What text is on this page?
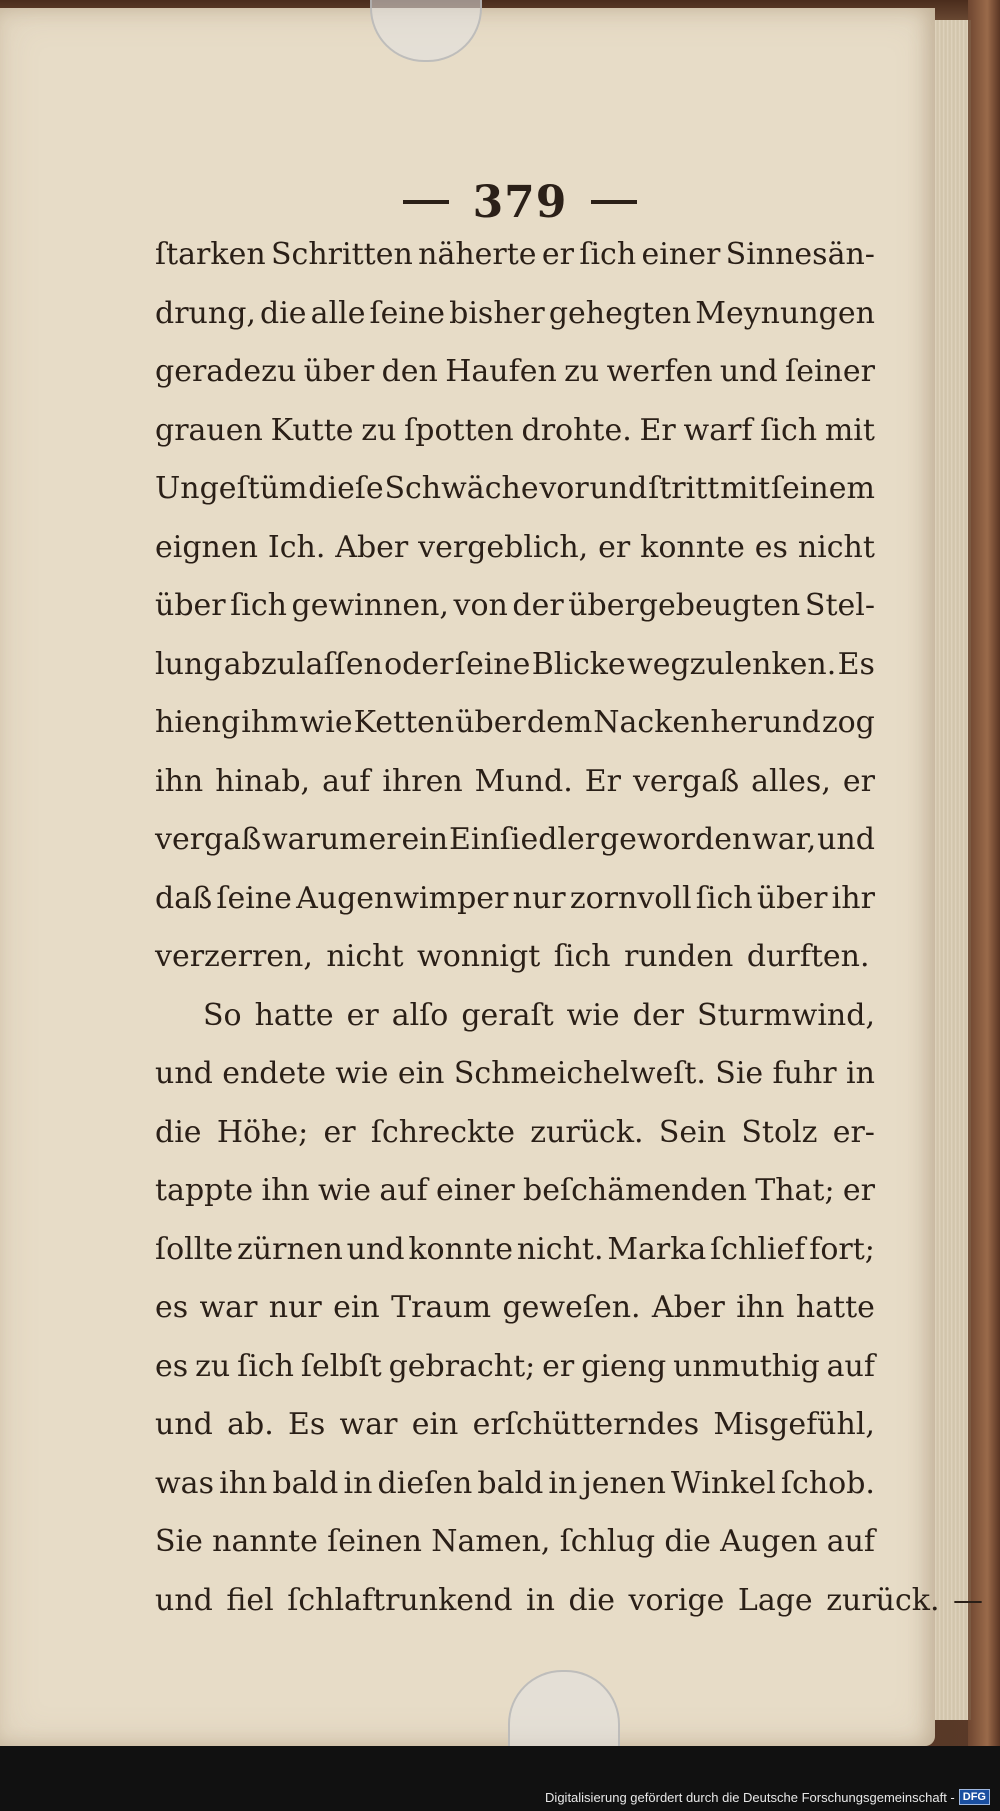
379
ſtarken Schritten näherte er ſich einer Sinnesän-
drung, die alle ſeine bisher gehegten Meynungen
geradezu über den Haufen zu werfen und ſeiner
grauen Kutte zu ſpotten drohte. Er warf ſich mit
Ungeſtüm dieſe Schwäche vor und ſtritt mit ſeinem
eignen Ich. Aber vergeblich, er konnte es nicht
über ſich gewinnen, von der übergebeugten Stel-
lung abzulaſſen oder ſeine Blicke wegzulenken. Es
hieng ihm wie Ketten über dem Nacken her und zog
ihn hinab, auf ihren Mund. Er vergaß alles, er
vergaß warum er ein Einſiedler geworden war, und
daß ſeine Augenwimper nur zornvoll ſich über ihr
verzerren, nicht wonnigt ſich runden durften.
So hatte er alſo geraſt wie der Sturmwind,
und endete wie ein Schmeichelweſt. Sie fuhr in
die Höhe; er ſchreckte zurück. Sein Stolz er-
tappte ihn wie auf einer beſchämenden That; er
ſollte zürnen und konnte nicht. Marka ſchlief fort;
es war nur ein Traum geweſen. Aber ihn hatte
es zu ſich ſelbſt gebracht; er gieng unmuthig auf
und ab. Es war ein erſchütterndes Misgefühl,
was ihn bald in dieſen bald in jenen Winkel ſchob.
Sie nannte ſeinen Namen, ſchlug die Augen auf
und fiel ſchlaftrunkend in die vorige Lage zurück. —
Digitalisierung gefördert durch die Deutsche Forschungsgemeinschaft - DFG
